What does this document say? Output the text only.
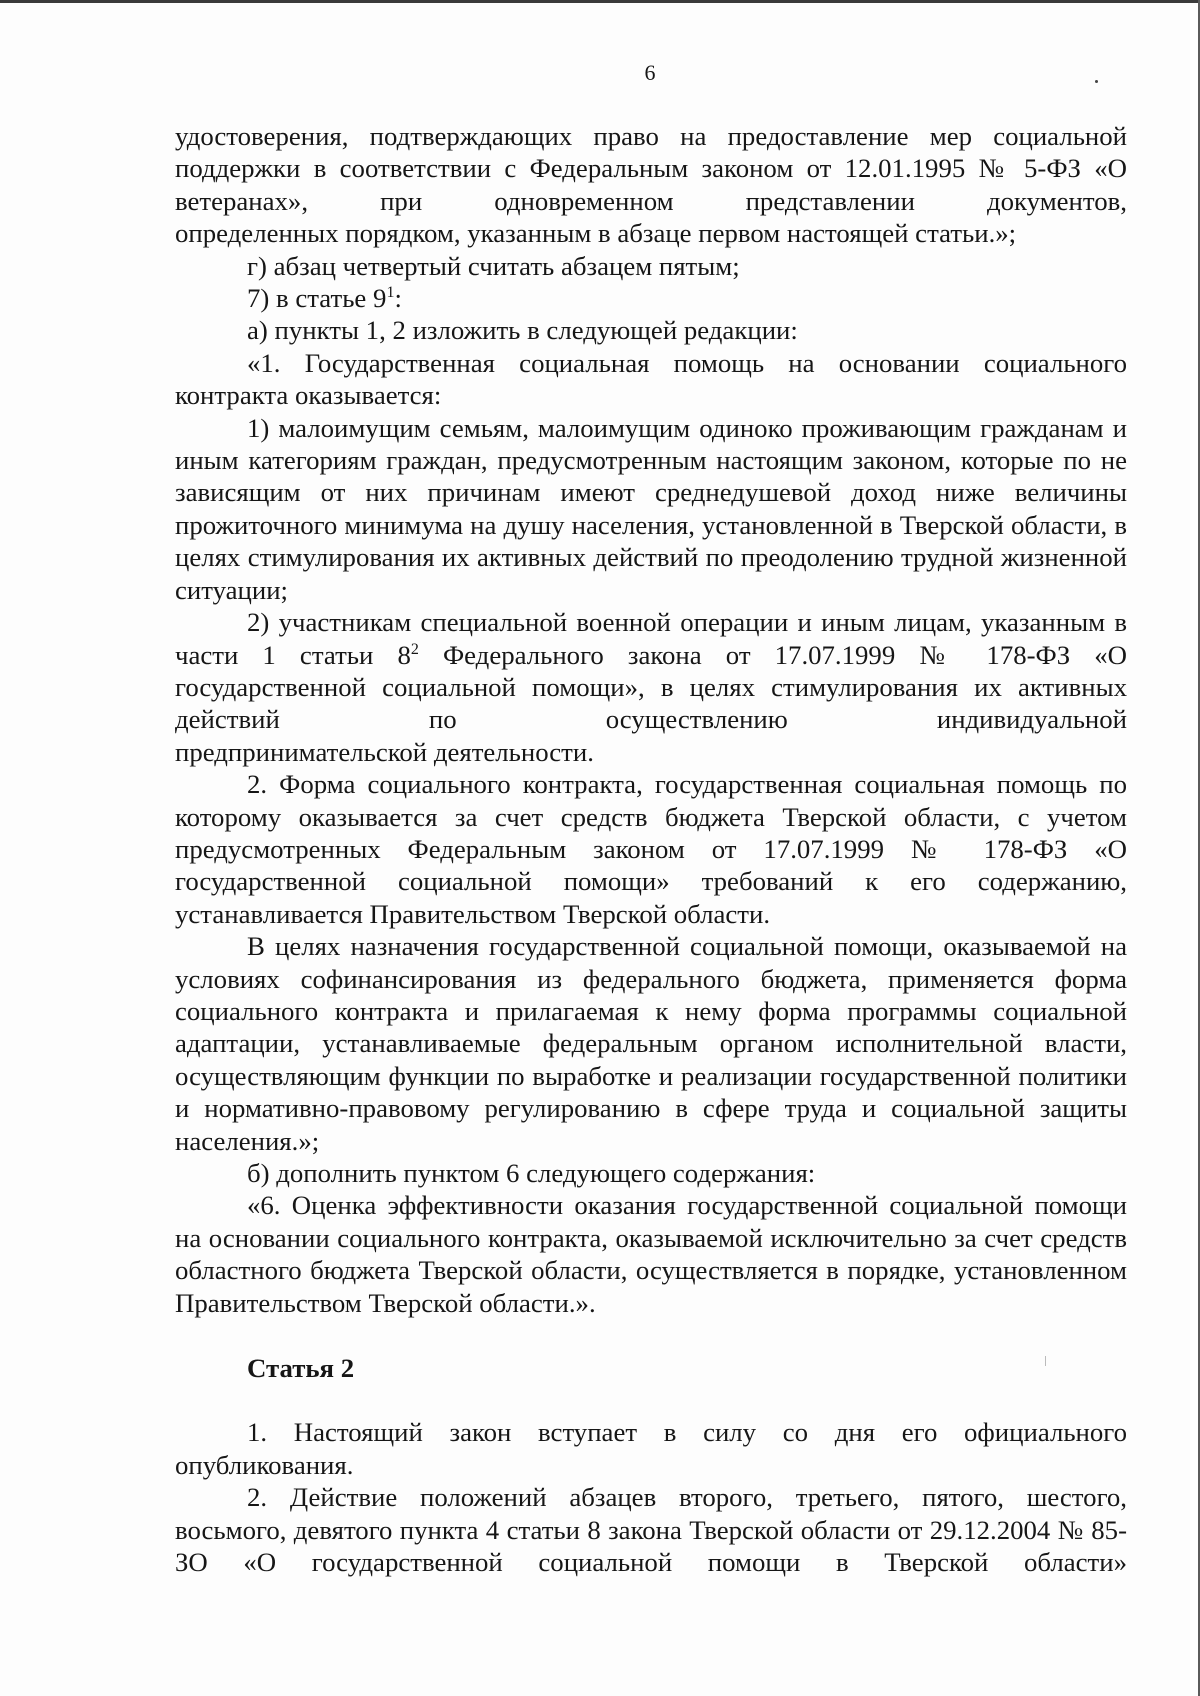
6

удостоверения, подтверждающих право на предоставление мер социальной поддержки в соответствии с Федеральным законом от 12.01.1995 № 5-ФЗ «О ветеранах», при одновременном представлении документов,

определенных порядком, указанным в абзаце первом настоящей статьи.»;

г) абзац четвертый считать абзацем пятым;

7) в статье $9^1$:

а) пункты 1, 2 изложить в следующей редакции:

«1. Государственная социальная помощь на основании социального контракта оказывается:

1) малоимущим семьям, малоимущим одиноко проживающим гражданам и иным категориям граждан, предусмотренным настоящим законом, которые по не зависящим от них причинам имеют среднедушевой доход ниже величины прожиточного минимума на душу населения, установленной в Тверской области, в целях стимулирования их активных действий по преодолению трудной жизненной ситуации;

2) участникам специальной военной операции и иным лицам, указанным в части 1 статьи $8^2$ Федерального закона от 17.07.1999 № 178-ФЗ «О государственной социальной помощи», в целях стимулирования их активных действий по осуществлению индивидуальной

предпринимательской деятельности.

2. Форма социального контракта, государственная социальная помощь по которому оказывается за счет средств бюджета Тверской области, с учетом предусмотренных Федеральным законом от 17.07.1999 № 178-ФЗ «О государственной социальной помощи» требований к его содержанию, устанавливается Правительством Тверской области.

В целях назначения государственной социальной помощи, оказываемой на условиях софинансирования из федерального бюджета, применяется форма социального контракта и прилагаемая к нему форма программы социальной адаптации, устанавливаемые федеральным органом исполнительной власти, осуществляющим функции по выработке и реализации государственной политики и нормативно-правовому регулированию в сфере труда и социальной защиты населения.»;

б) дополнить пунктом 6 следующего содержания:

«6. Оценка эффективности оказания государственной социальной помощи на основании социального контракта, оказываемой исключительно за счет средств областного бюджета Тверской области, осуществляется в порядке, установленном Правительством Тверской области.».

Статья 2

1. Настоящий закон вступает в силу со дня его официального опубликования.

2. Действие положений абзацев второго, третьего, пятого, шестого, восьмого, девятого пункта 4 статьи 8 закона Тверской области от 29.12.2004 № 85-ЗО «О государственной социальной помощи в Тверской области»
